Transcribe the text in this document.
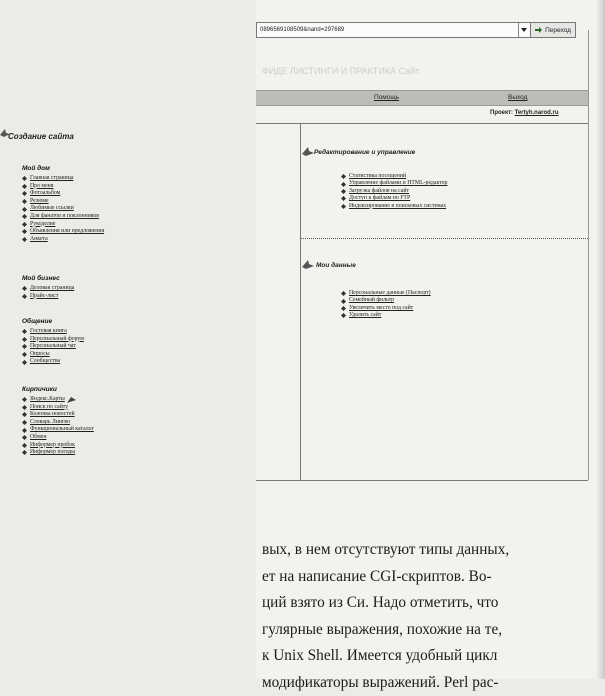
Создание сайта
Мой дом
Главная страница
Про меня
Фотоальбом
Резюме
Любимые ссылки
Для фанатов и поклонников
Рукоделие
Объявления или предложения
Анкета
Мой бизнес
Деловая страница
Прайс-лист
Общение
Гостевая книга
Персональный форум
Персональный чат
Опросы
Сообщества
Кирпичики
Яндекс.Карты
Поиск по сайту
Колонка новостей
Словарь Лингво
Функциональный каталог
Обмен
Информер пробок
Информер погоды
0896569108509&nand=297689	Переход
ФИДЕ ЛИСТИНГИ И ПРАКТИКА Сайт
Помощь	Выход
Проект: Tertyh.narod.ru
Редактирование и управление
Статистика посещений
Управление файлами и HTML-редактор
Загрузка файлов на сайт
Доступ к файлам по FTP
Индексирование в поисковых системах
Мои данные
Персональные данные (Паспорт)
Семейный фильтр
Увеличить место под сайт
Удалить сайт
вых, в нем отсутствуют типы данных,
ет на написание CGI-скриптов. Во-
ций взято из Си. Надо отметить, что
гулярные выражения, похожие на те,
к Unix Shell. Имеется удобный цикл
модификаторы выражений. Perl рас-
